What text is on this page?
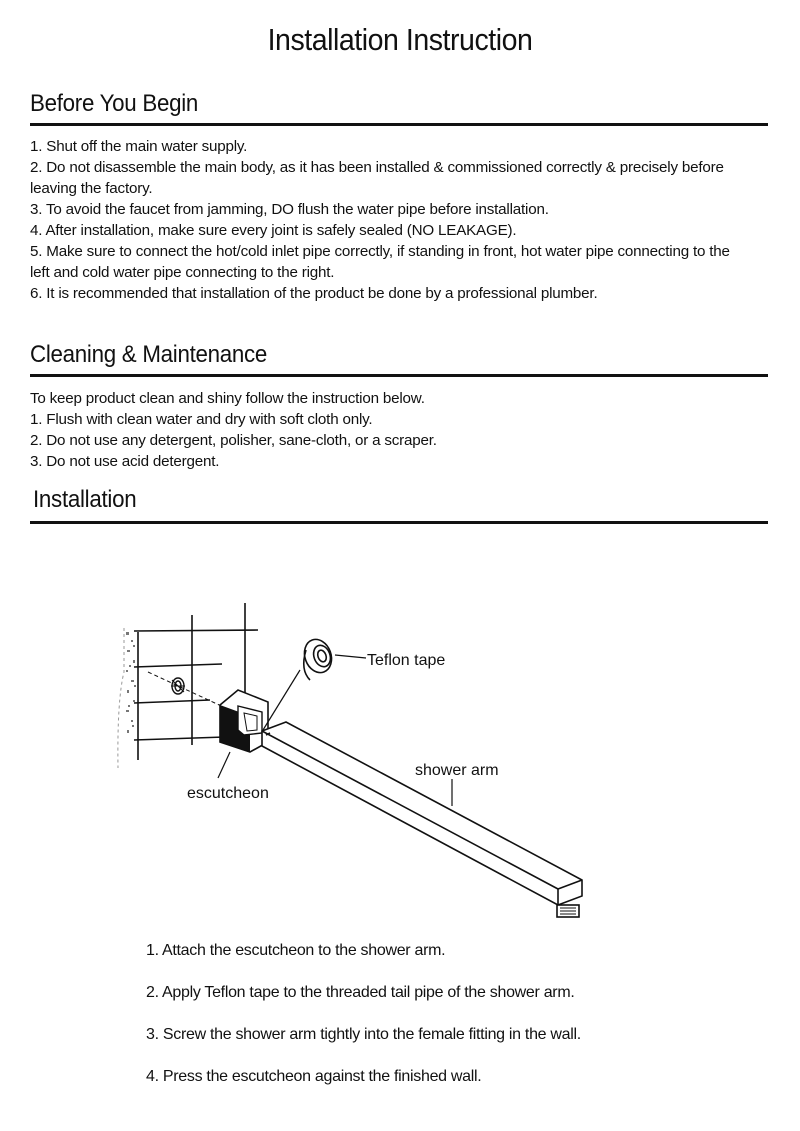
Installation Instruction
Before You Begin
1. Shut off the main water supply.
2. Do not disassemble the main body, as it has been installed & commissioned correctly & precisely before
leaving the factory.
3. To avoid the faucet from jamming, DO flush the water pipe before installation.
4. After installation, make sure every joint is safely sealed (NO LEAKAGE).
5. Make sure to connect the hot/cold inlet pipe correctly, if standing in front, hot water pipe connecting to the
left and cold water pipe connecting to the right.
6. It is recommended that installation of the product be done by a professional plumber.
Cleaning & Maintenance
To keep product clean and shiny follow the instruction below.
1. Flush with clean water and dry with soft cloth only.
2. Do not use any detergent, polisher, sane-cloth, or a scraper.
3. Do not use acid detergent.
Installation
Teflon tape
shower arm
escutcheon
1. Attach the escutcheon to the shower arm.
2. Apply Teflon tape to the threaded tail pipe of the shower arm.
3. Screw the shower arm tightly into the female fitting in the wall.
4. Press the escutcheon against the finished wall.
